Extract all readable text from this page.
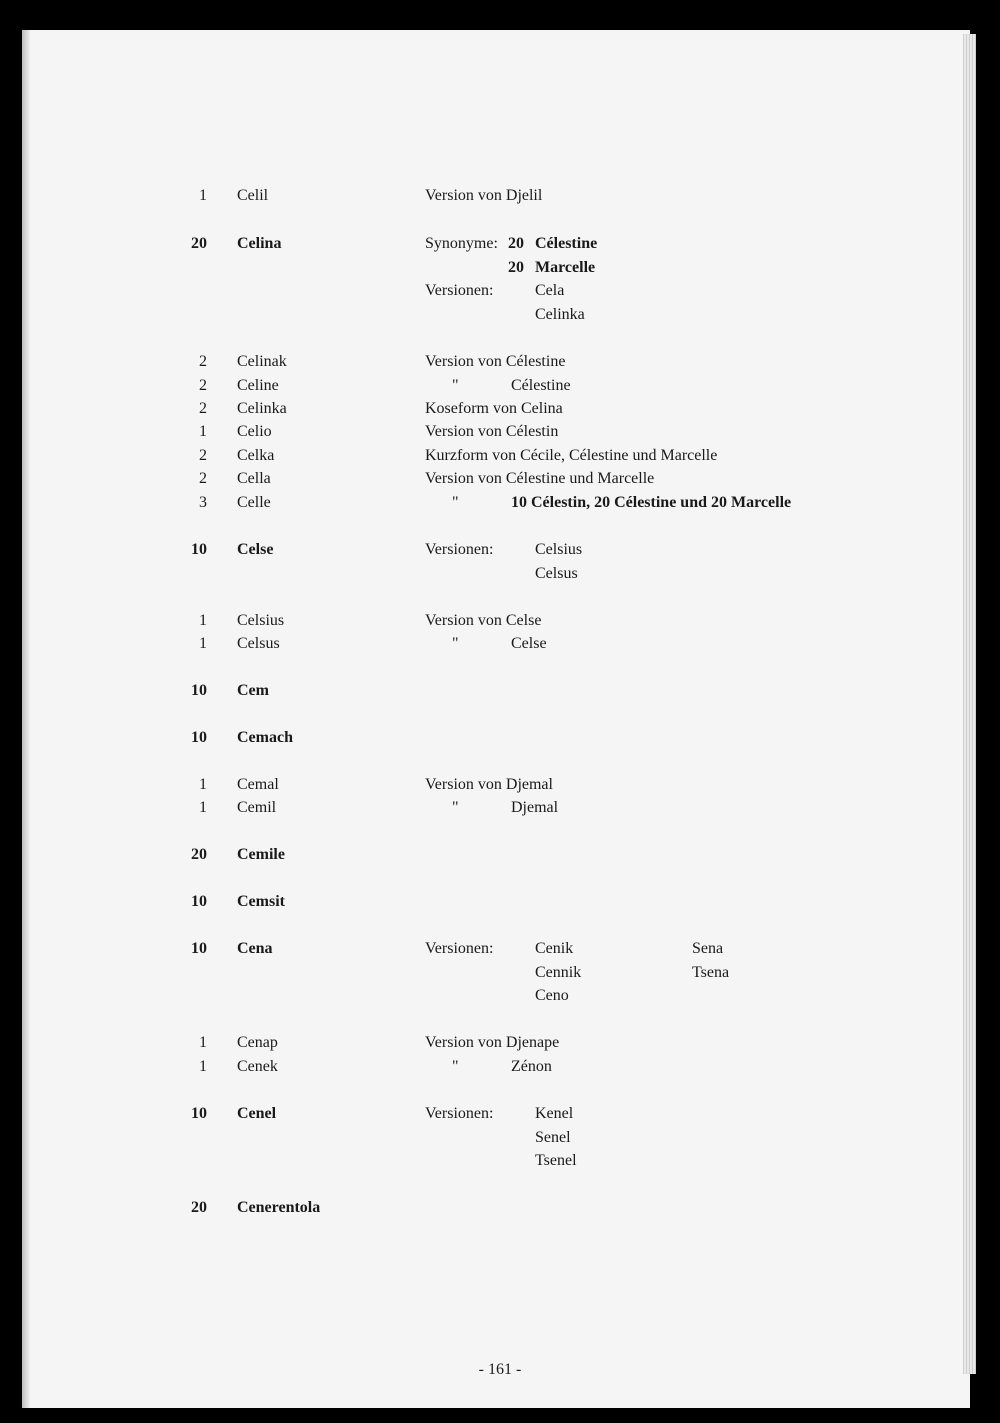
1 Celil	Version von Djelil
20 Celina	Synonyme: 20 Célestine
20 Marcelle
Versionen:	Cela
Celinka
2 Celinak	Version von Célestine
2 Celine	"	Célestine
2 Celinka	Koseform von Celina
1 Celio	Version von Célestin
2 Celka	Kurzform von Cécile, Célestine und Marcelle
2 Cella	Version von Célestine und Marcelle
3 Celle	"	10 Célestin, 20 Célestine und 20 Marcelle
10 Celse	Versionen:	Celsius
Celsus
1 Celsius	Version von Celse
1 Celsus	"	Celse
10 Cem
10 Cemach
1 Cemal	Version von Djemal
1 Cemil	"	Djemal
20 Cemile
10 Cemsit
10 Cena	Versionen:	Cenik	Sena
Cennik	Tsena
Ceno
1 Cenap	Version von Djenape
1 Cenek	"	Zénon
10 Cenel	Versionen:	Kenel
Senel
Tsenel
20 Cenerentola
- 161 -
